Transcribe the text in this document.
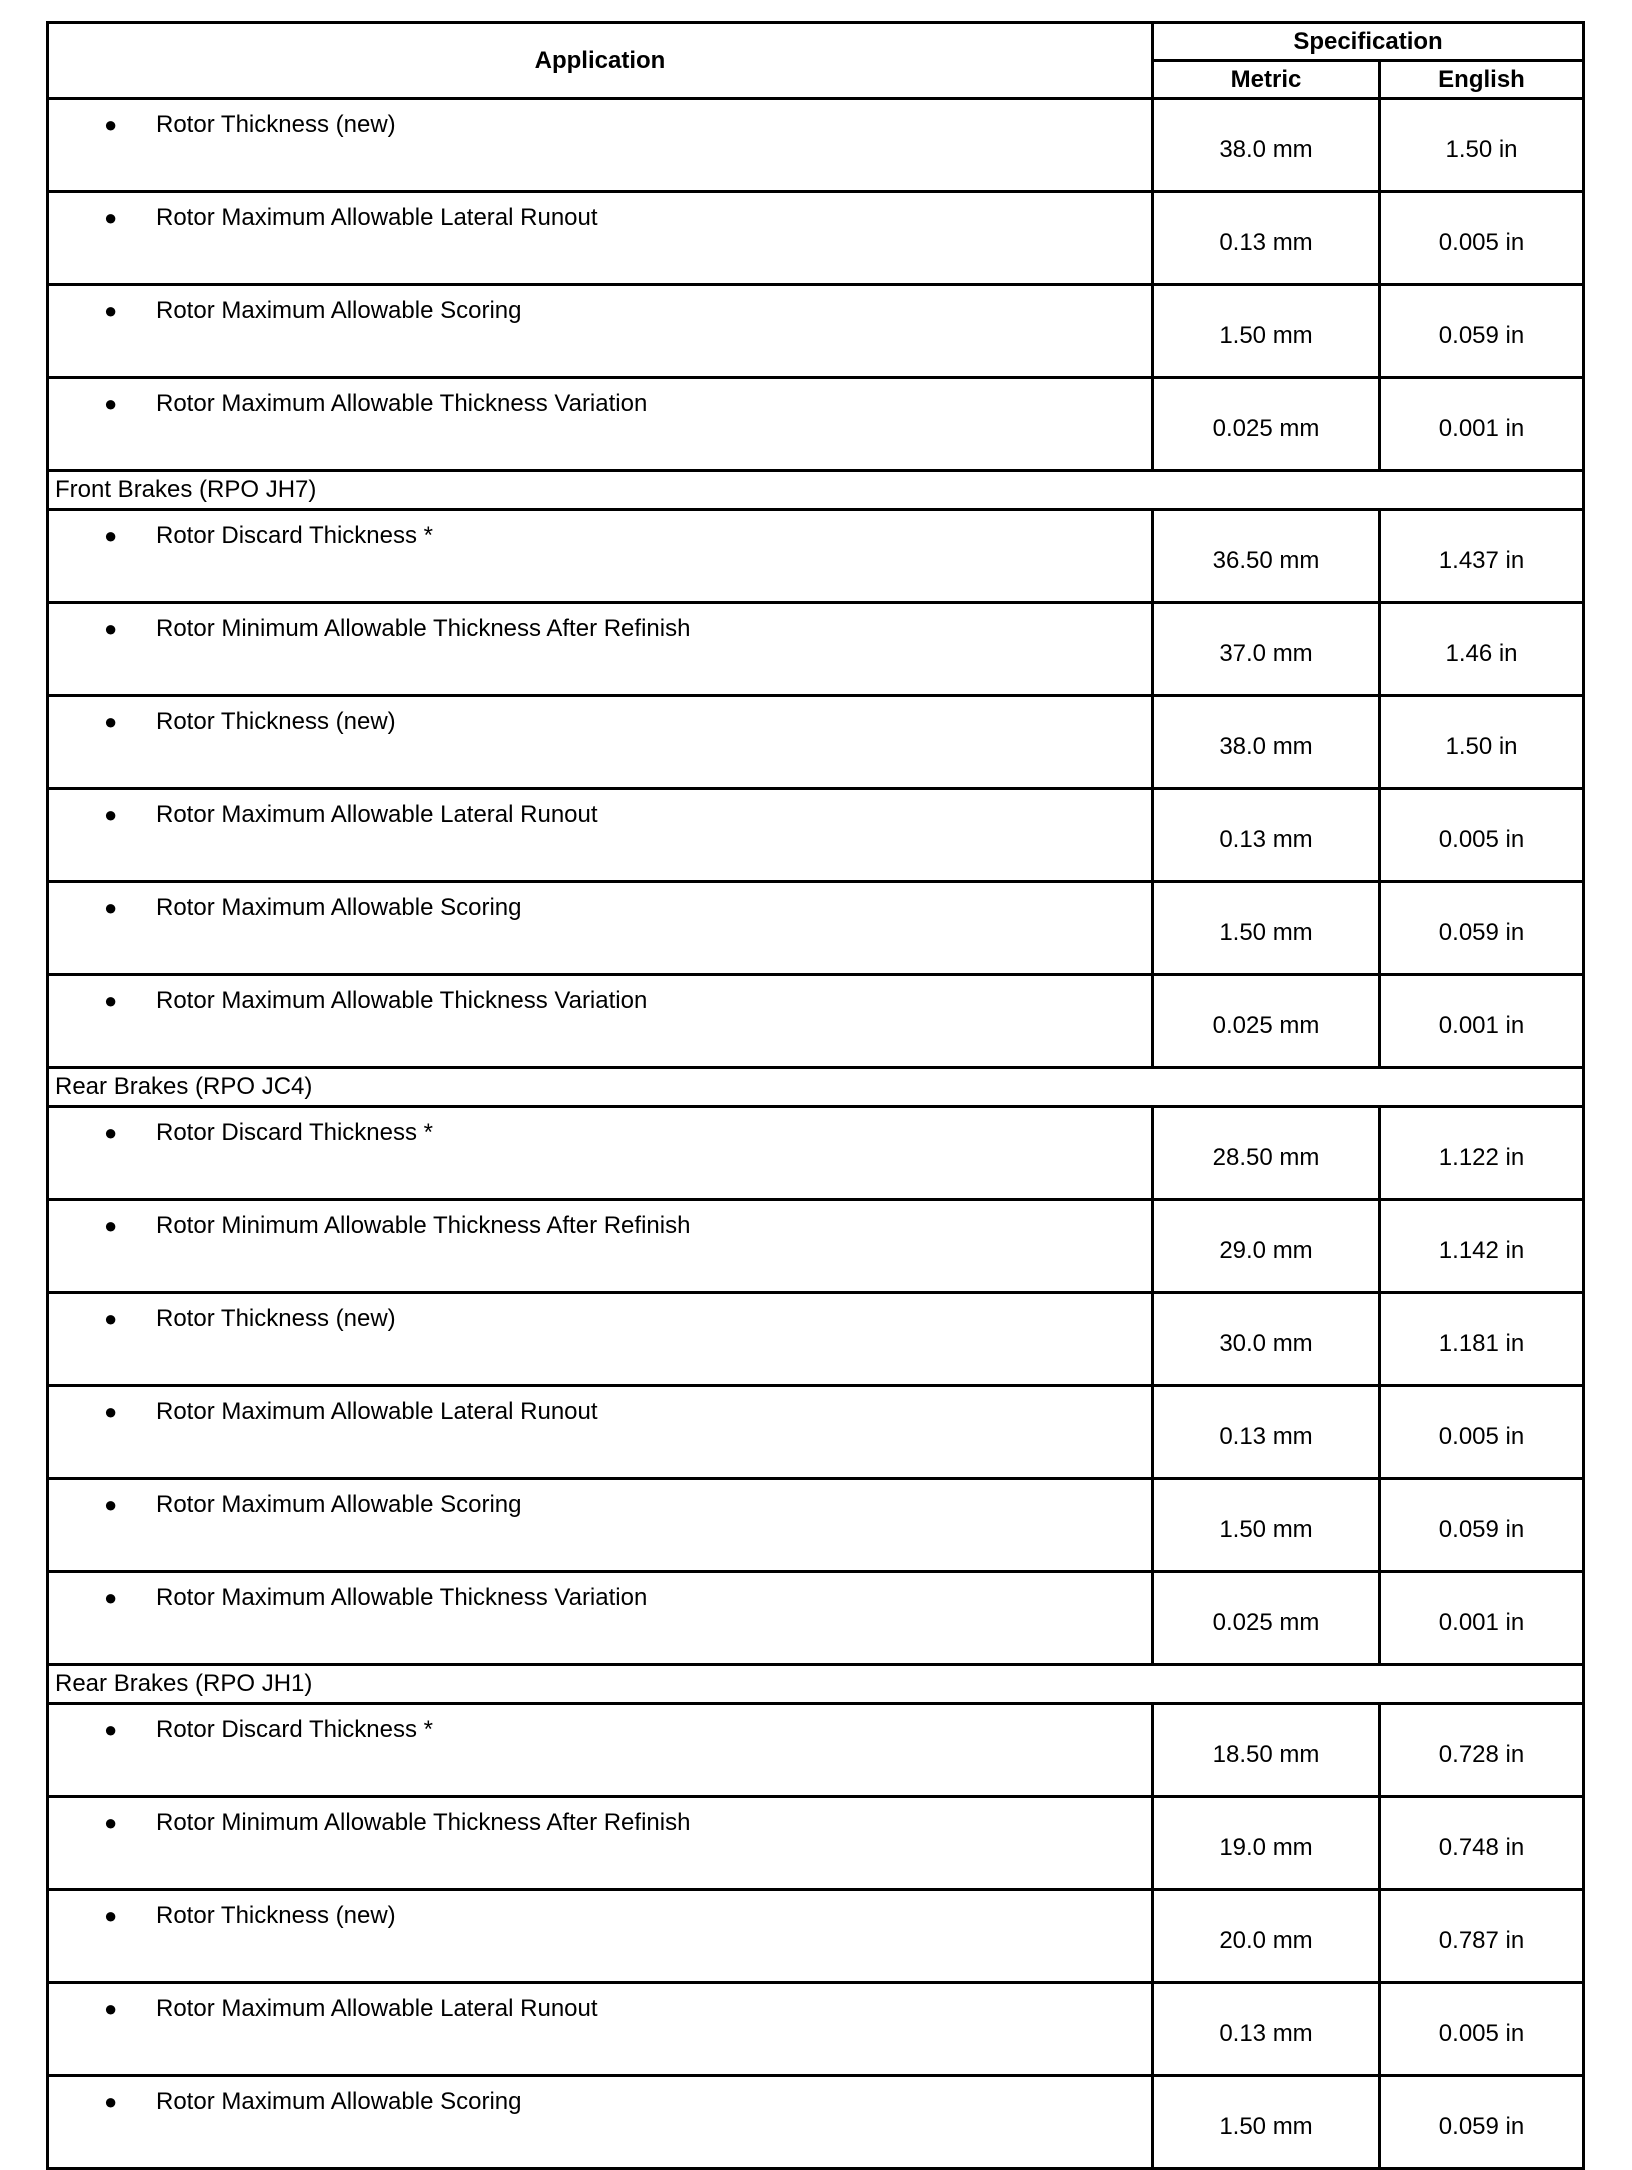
Application	Specification	
	Metric	English

● Rotor Thickness (new)	38.0 mm	1.50 in

● Rotor Maximum Allowable Lateral Runout	0.13 mm	0.005 in

● Rotor Maximum Allowable Scoring	1.50 mm	0.059 in

● Rotor Maximum Allowable Thickness Variation	0.025 mm	0.001 in
Front Brakes (RPO JH7)		

● Rotor Discard Thickness *	36.50 mm	1.437 in

● Rotor Minimum Allowable Thickness After Refinish	37.0 mm	1.46 in

● Rotor Thickness (new)	38.0 mm	1.50 in

● Rotor Maximum Allowable Lateral Runout	0.13 mm	0.005 in

● Rotor Maximum Allowable Scoring	1.50 mm	0.059 in

● Rotor Maximum Allowable Thickness Variation	0.025 mm	0.001 in
Rear Brakes (RPO JC4)		

● Rotor Discard Thickness *	28.50 mm	1.122 in

● Rotor Minimum Allowable Thickness After Refinish	29.0 mm	1.142 in

● Rotor Thickness (new)	30.0 mm	1.181 in

● Rotor Maximum Allowable Lateral Runout	0.13 mm	0.005 in

● Rotor Maximum Allowable Scoring	1.50 mm	0.059 in

● Rotor Maximum Allowable Thickness Variation	0.025 mm	0.001 in
Rear Brakes (RPO JH1)		

● Rotor Discard Thickness *	18.50 mm	0.728 in

● Rotor Minimum Allowable Thickness After Refinish	19.0 mm	0.748 in

● Rotor Thickness (new)	20.0 mm	0.787 in

● Rotor Maximum Allowable Lateral Runout	0.13 mm	0.005 in

● Rotor Maximum Allowable Scoring	1.50 mm	0.059 in
